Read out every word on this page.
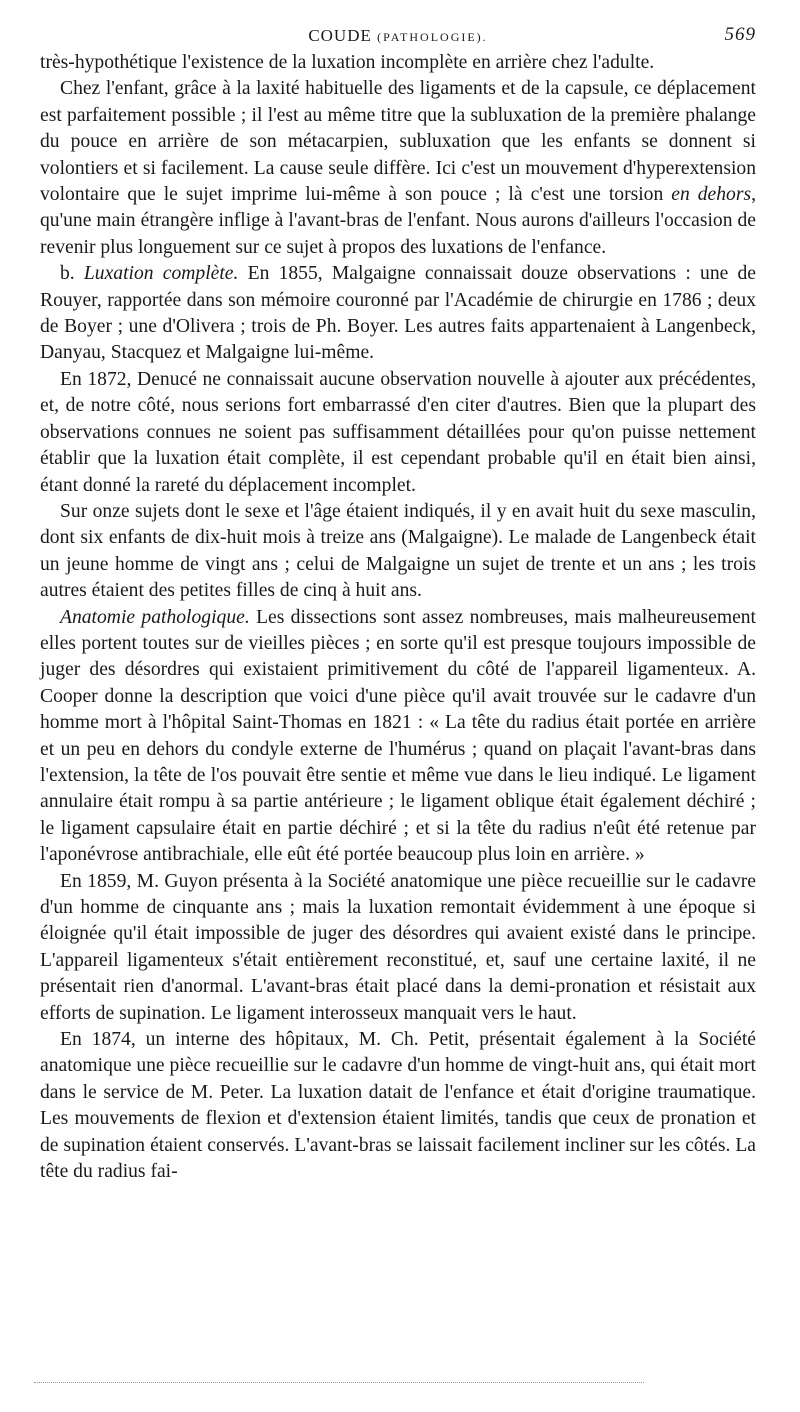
COUDE (PATHOLOGIE).	569

très-hypothétique l'existence de la luxation incomplète en arrière chez l'adulte.

Chez l'enfant, grâce à la laxité habituelle des ligaments et de la capsule, ce déplacement est parfaitement possible ; il l'est au même titre que la subluxation de la première phalange du pouce en arrière de son métacarpien, subluxation que les enfants se donnent si volontiers et si facilement. La cause seule diffère. Ici c'est un mouvement d'hyperextension volontaire que le sujet imprime lui-même à son pouce ; là c'est une torsion en dehors, qu'une main étrangère inflige à l'avant-bras de l'enfant. Nous aurons d'ailleurs l'occasion de revenir plus longuement sur ce sujet à propos des luxations de l'enfance.

b. Luxation complète. En 1855, Malgaigne connaissait douze observations : une de Rouyer, rapportée dans son mémoire couronné par l'Académie de chirurgie en 1786 ; deux de Boyer ; une d'Olivera ; trois de Ph. Boyer. Les autres faits appartenaient à Langenbeck, Danyau, Stacquez et Malgaigne lui-même.

En 1872, Denucé ne connaissait aucune observation nouvelle à ajouter aux précédentes, et, de notre côté, nous serions fort embarrassé d'en citer d'autres. Bien que la plupart des observations connues ne soient pas suffisamment détaillées pour qu'on puisse nettement établir que la luxation était complète, il est cependant probable qu'il en était bien ainsi, étant donné la rareté du déplacement incomplet.

Sur onze sujets dont le sexe et l'âge étaient indiqués, il y en avait huit du sexe masculin, dont six enfants de dix-huit mois à treize ans (Malgaigne). Le malade de Langenbeck était un jeune homme de vingt ans ; celui de Malgaigne un sujet de trente et un ans ; les trois autres étaient des petites filles de cinq à huit ans.

Anatomie pathologique. Les dissections sont assez nombreuses, mais malheureusement elles portent toutes sur de vieilles pièces ; en sorte qu'il est presque toujours impossible de juger des désordres qui existaient primitivement du côté de l'appareil ligamenteux. A. Cooper donne la description que voici d'une pièce qu'il avait trouvée sur le cadavre d'un homme mort à l'hôpital Saint-Thomas en 1821 : « La tête du radius était portée en arrière et un peu en dehors du condyle externe de l'humérus ; quand on plaçait l'avant-bras dans l'extension, la tête de l'os pouvait être sentie et même vue dans le lieu indiqué. Le ligament annulaire était rompu à sa partie antérieure ; le ligament oblique était également déchiré ; le ligament capsulaire était en partie déchiré ; et si la tête du radius n'eût été retenue par l'aponévrose antibrachiale, elle eût été portée beaucoup plus loin en arrière. »

En 1859, M. Guyon présenta à la Société anatomique une pièce recueillie sur le cadavre d'un homme de cinquante ans ; mais la luxation remontait évidemment à une époque si éloignée qu'il était impossible de juger des désordres qui avaient existé dans le principe. L'appareil ligamenteux s'était entièrement reconstitué, et, sauf une certaine laxité, il ne présentait rien d'anormal. L'avant-bras était placé dans la demi-pronation et résistait aux efforts de supination. Le ligament interosseux manquait vers le haut.

En 1874, un interne des hôpitaux, M. Ch. Petit, présentait également à la Société anatomique une pièce recueillie sur le cadavre d'un homme de vingt-huit ans, qui était mort dans le service de M. Peter. La luxation datait de l'enfance et était d'origine traumatique. Les mouvements de flexion et d'extension étaient limités, tandis que ceux de pronation et de supination étaient conservés. L'avant-bras se laissait facilement incliner sur les côtés. La tête du radius fai-
